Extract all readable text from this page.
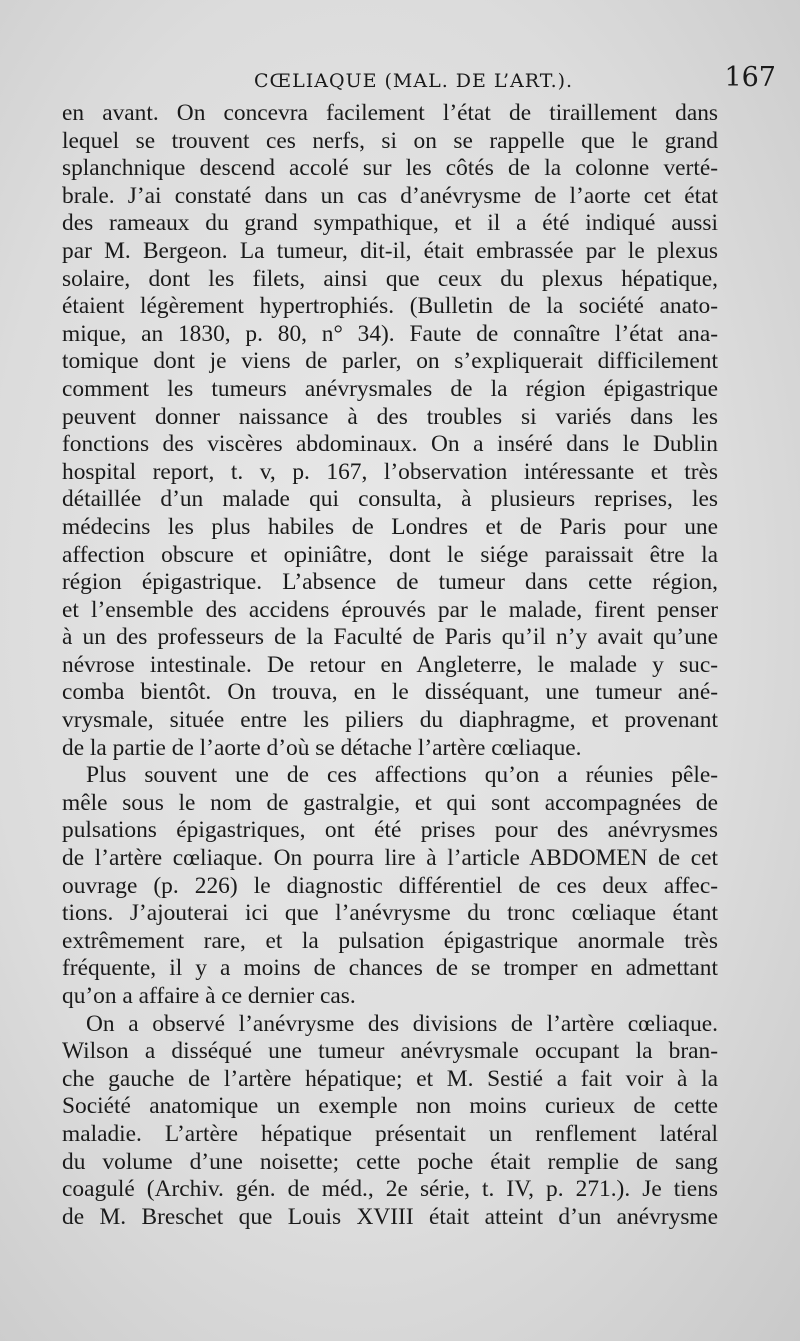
CŒLIAQUE (MAL. DE L’ART.).	167
en avant. On concevra facilement l’état de tiraillement dans
lequel se trouvent ces nerfs, si on se rappelle que le grand
splanchnique descend accolé sur les côtés de la colonne verté-
brale. J’ai constaté dans un cas d’anévrysme de l’aorte cet état
des rameaux du grand sympathique, et il a été indiqué aussi
par M. Bergeon. La tumeur, dit-il, était embrassée par le plexus
solaire, dont les filets, ainsi que ceux du plexus hépatique,
étaient légèrement hypertrophiés. (Bulletin de la société anato-
mique, an 1830, p. 80, n° 34). Faute de connaître l’état ana-
tomique dont je viens de parler, on s’expliquerait difficilement
comment les tumeurs anévrysmales de la région épigastrique
peuvent donner naissance à des troubles si variés dans les
fonctions des viscères abdominaux. On a inséré dans le Dublin
hospital report, t. v, p. 167, l’observation intéressante et très
détaillée d’un malade qui consulta, à plusieurs reprises, les
médecins les plus habiles de Londres et de Paris pour une
affection obscure et opiniâtre, dont le siége paraissait être la
région épigastrique. L’absence de tumeur dans cette région,
et l’ensemble des accidens éprouvés par le malade, firent penser
à un des professeurs de la Faculté de Paris qu’il n’y avait qu’une
névrose intestinale. De retour en Angleterre, le malade y suc-
comba bientôt. On trouva, en le disséquant, une tumeur ané-
vrysmale, située entre les piliers du diaphragme, et provenant
de la partie de l’aorte d’où se détache l’artère cœliaque.
Plus souvent une de ces affections qu’on a réunies pêle-
mêle sous le nom de gastralgie, et qui sont accompagnées de
pulsations épigastriques, ont été prises pour des anévrysmes
de l’artère cœliaque. On pourra lire à l’article ABDOMEN de cet
ouvrage (p. 226) le diagnostic différentiel de ces deux affec-
tions. J’ajouterai ici que l’anévrysme du tronc cœliaque étant
extrêmement rare, et la pulsation épigastrique anormale très
fréquente, il y a moins de chances de se tromper en admettant
qu’on a affaire à ce dernier cas.
On a observé l’anévrysme des divisions de l’artère cœliaque.
Wilson a disséqué une tumeur anévrysmale occupant la bran-
che gauche de l’artère hépatique; et M. Sestié a fait voir à la
Société anatomique un exemple non moins curieux de cette
maladie. L’artère hépatique présentait un renflement latéral
du volume d’une noisette; cette poche était remplie de sang
coagulé (Archiv. gén. de méd., 2e série, t. IV, p. 271.). Je tiens
de M. Breschet que Louis XVIII était atteint d’un anévrysme
